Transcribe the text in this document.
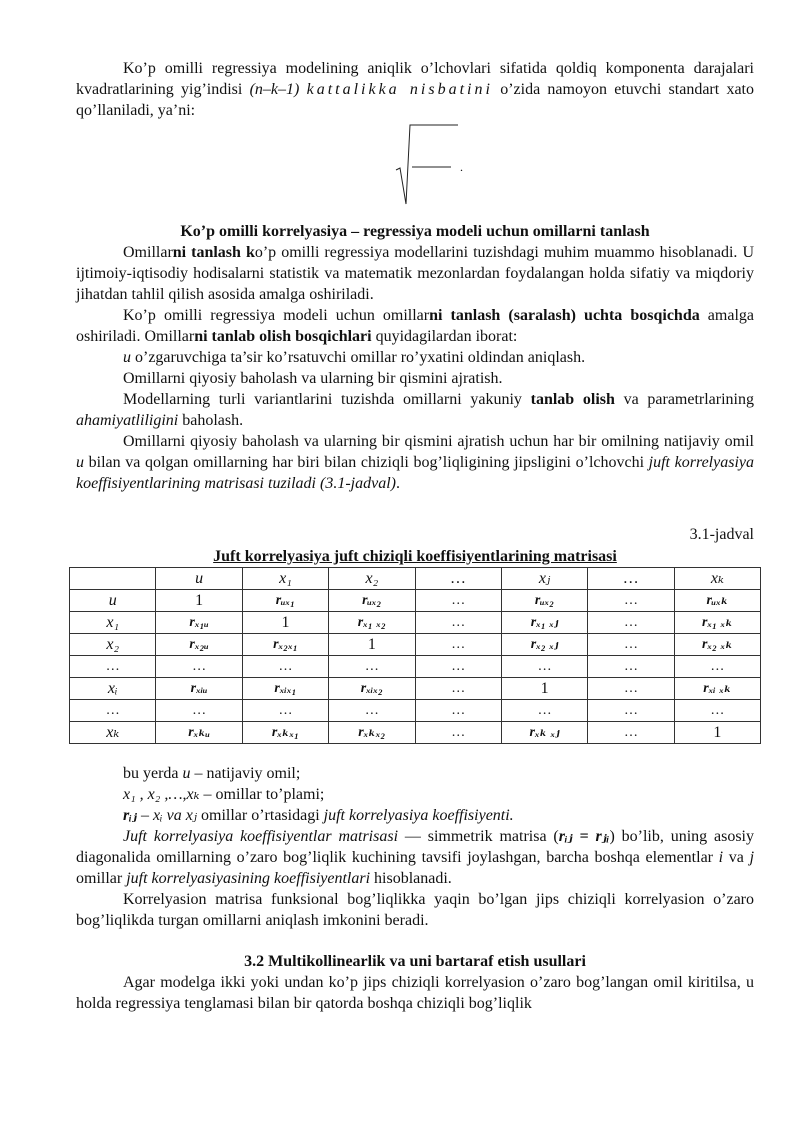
Ko’p omilli regressiya modelining aniqlik o’lchovlari sifatida qoldiq komponenta darajalari kvadratlarining yig’indisi (n–k–1) kattalikka nisbatini o’zida namoyon etuvchi standart xato qo’llaniladi, ya’ni:

.
Ko’p omilli korrelyasiya – regressiya modeli uchun omillarni tanlash

Omillarni tanlash ko’p omilli regressiya modellarini tuzishdagi muhim muammo hisoblanadi. U ijtimoiy-iqtisodiy hodisalarni statistik va matematik mezonlardan foydalangan holda sifatiy va miqdoriy jihatdan tahlil qilish asosida amalga oshiriladi.

Ko’p omilli regressiya modeli uchun omillarni tanlash (saralash) uchta bosqichda amalga oshiriladi. Omillarni tanlab olish bosqichlari quyidagilardan iborat:

u o’zgaruvchiga ta’sir ko’rsatuvchi omillar ro’yxatini oldindan aniqlash.

Omillarni qiyosiy baholash va ularning bir qismini ajratish.

Modellarning turli variantlarini tuzishda omillarni yakuniy tanlab olish va parametrlarining ahamiyatliligini baholash.

Omillarni qiyosiy baholash va ularning bir qismini ajratish uchun har bir omilning natijaviy omil u bilan va qolgan omillarning har biri bilan chiziqli bog’liqligining jipsligini o’lchovchi juft korrelyasiya koeffisiyentlarining matrisasi tuziladi (3.1-jadval).

3.1-jadval

Juft korrelyasiya juft chiziqli koeffisiyentlarining matrisasi

	u	x₁	x₂	…	xⱼ	…	xₖ
u	1	rᵤₓ₁	rᵤₓ₂	…	rᵤₓ₂	…	rᵤₓₖ
x₁	rₓ₁ᵤ	1	rₓ₁ ₓ₂	…	rₓ₁ ₓⱼ	…	rₓ₁ ₓₖ
x₂	rₓ₂ᵤ	rₓ₂ₓ₁	1	…	rₓ₂ ₓⱼ	…	rₓ₂ ₓₖ
…	…	…	…	…	…	…	…
xᵢ	rₓᵢᵤ	rₓᵢₓ₁	rₓᵢₓ₂	…	1	…	rₓᵢ ₓₖ
…	…	…	…	…	…	…	…
xₖ	rₓₖᵤ	rₓₖₓ₁	rₓₖₓ₂	…	rₓₖ ₓⱼ	…	1

bu yerda u – natijaviy omil;

x₁ , x₂ ,…,xₖ – omillar to’plami;

rᵢⱼ – xᵢ va xⱼ omillar o’rtasidagi juft korrelyasiya koeffisiyenti.

Juft korrelyasiya koeffisiyentlar matrisasi — simmetrik matrisa (rᵢⱼ = rⱼᵢ) bo’lib, uning asosiy diagonalida omillarning o’zaro bog’liqlik kuchining tavsifi joylashgan, barcha boshqa elementlar i va j omillar juft korrelyasiyasining koeffisiyentlari hisoblanadi.

Korrelyasion matrisa funksional bog’liqlikka yaqin bo’lgan jips chiziqli korrelyasion o’zaro bog’liqlikda turgan omillarni aniqlash imkonini beradi.

3.2 Multikollinearlik va uni bartaraf etish usullari

Agar modelga ikki yoki undan ko’p jips chiziqli korrelyasion o’zaro bog’langan omil kiritilsa, u holda regressiya tenglamasi bilan bir qatorda boshqa chiziqli bog’liqlik
